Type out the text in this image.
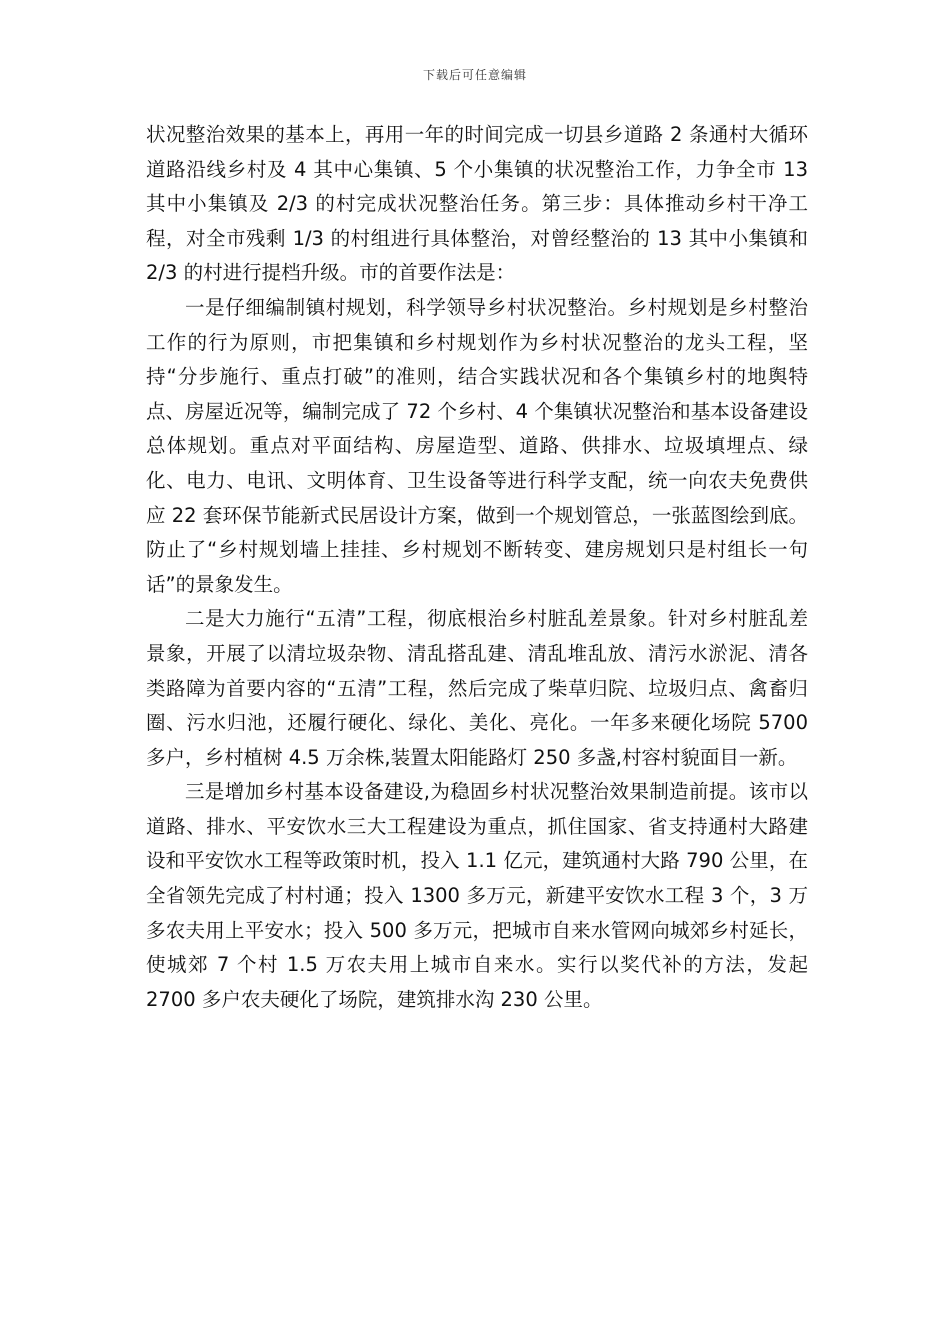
下载后可任意编辑

状况整治效果的基本上，再用一年的时间完成一切县乡道路 2 条通村大循环道路沿线乡村及 4 其中心集镇、5 个小集镇的状况整治工作，力争全市 13 其中小集镇及 2/3 的村完成状况整治任务。第三步：具体推动乡村干净工程，对全市残剩 1/3 的村组进行具体整治，对曾经整治的 13 其中小集镇和 2/3 的村进行提档升级。市的首要作法是：

一是仔细编制镇村规划，科学领导乡村状况整治。乡村规划是乡村整治工作的行为原则，市把集镇和乡村规划作为乡村状况整治的龙头工程，坚持“分步施行、重点打破”的准则，结合实践状况和各个集镇乡村的地舆特点、房屋近况等，编制完成了 72 个乡村、4 个集镇状况整治和基本设备建设总体规划。重点对平面结构、房屋造型、道路、供排水、垃圾填埋点、绿化、电力、电讯、文明体育、卫生设备等进行科学支配，统一向农夫免费供应 22 套环保节能新式民居设计方案，做到一个规划管总，一张蓝图绘到底。防止了“乡村规划墙上挂挂、乡村规划不断转变、建房规划只是村组长一句话”的景象发生。

二是大力施行“五清”工程，彻底根治乡村脏乱差景象。针对乡村脏乱差景象，开展了以清垃圾杂物、清乱搭乱建、清乱堆乱放、清污水淤泥、清各类路障为首要内容的“五清”工程，然后完成了柴草归院、垃圾归点、禽畜归圈、污水归池，还履行硬化、绿化、美化、亮化。一年多来硬化场院 5700 多户，乡村植树 4.5 万余株,装置太阳能路灯 250 多盏,村容村貌面目一新。

三是增加乡村基本设备建设,为稳固乡村状况整治效果制造前提。该市以道路、排水、平安饮水三大工程建设为重点，抓住国家、省支持通村大路建设和平安饮水工程等政策时机，投入 1.1 亿元，建筑通村大路 790 公里，在全省领先完成了村村通；投入 1300 多万元，新建平安饮水工程 3 个，3 万多农夫用上平安水；投入 500 多万元，把城市自来水管网向城郊乡村延长，使城郊 7 个村 1.5 万农夫用上城市自来水。实行以奖代补的方法，发起 2700 多户农夫硬化了场院，建筑排水沟 230 公里。
